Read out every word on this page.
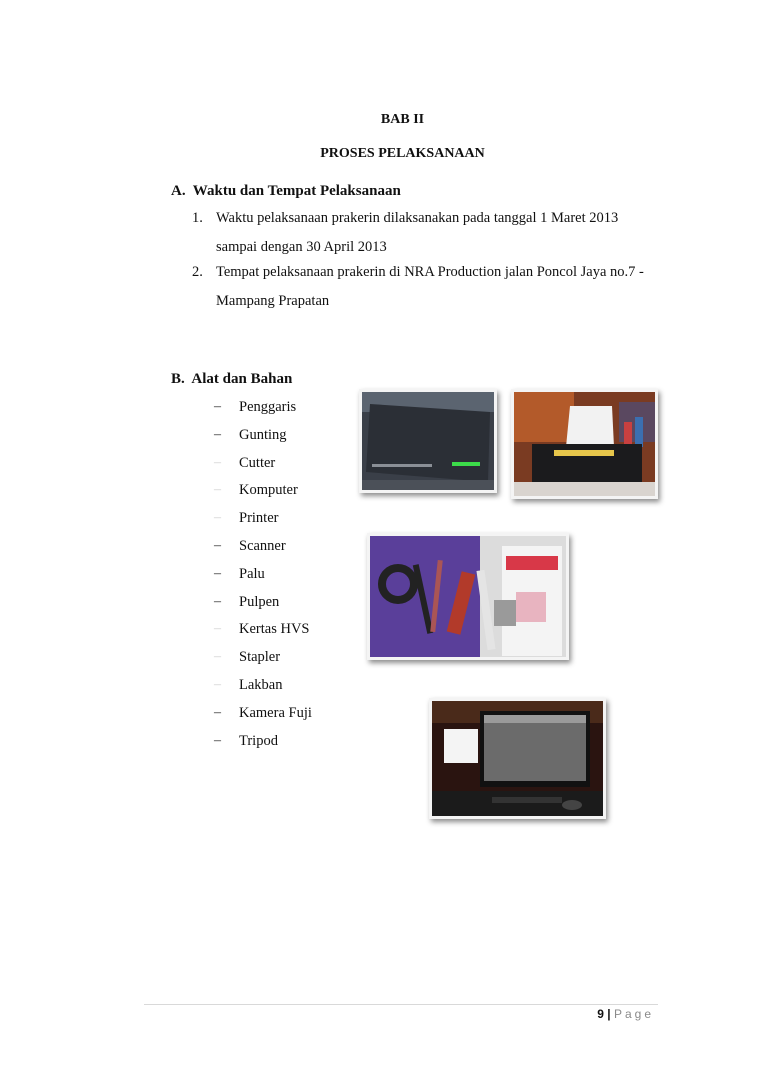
BAB II
PROSES PELAKSANAAN
A.  Waktu dan Tempat Pelaksanaan
1. Waktu pelaksanaan prakerin dilaksanakan pada tanggal 1 Maret 2013 sampai dengan 30 April 2013
2. Tempat pelaksanaan prakerin di NRA Production jalan Poncol Jaya no.7 - Mampang Prapatan
B.  Alat dan Bahan
– Penggaris
– Gunting
– Cutter
– Komputer
– Printer
– Scanner
– Palu
– Pulpen
– Kertas HVS
– Stapler
– Lakban
– Kamera Fuji
– Tripod
9 | Page
